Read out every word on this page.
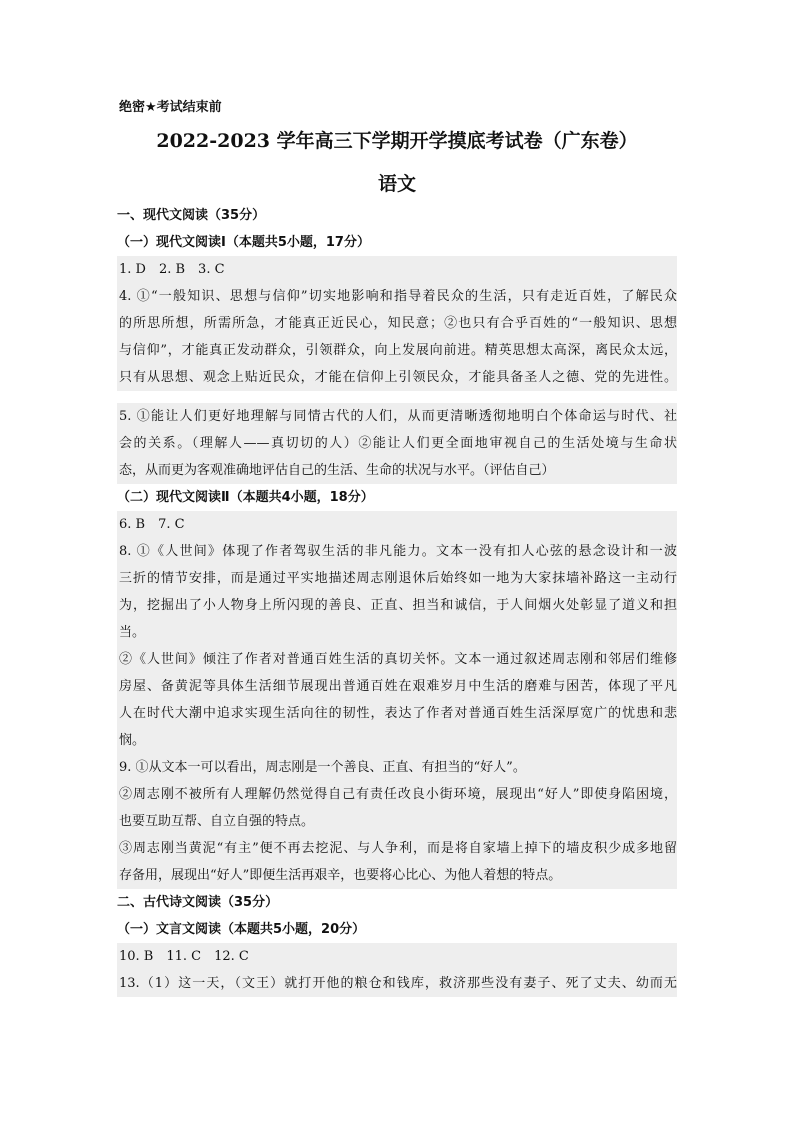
绝密★考试结束前
2022-2023 学年高三下学期开学摸底考试卷（广东卷）
语文
一、现代文阅读（35分）
（一）现代文阅读Ⅰ（本题共5小题，17分）
1. D　2. B　3. C
4. ①“一般知识、思想与信仰”切实地影响和指导着民众的生活，只有走近百姓，了解民众
的所思所想，所需所急，才能真正近民心，知民意；②也只有合乎百姓的“一般知识、思想
与信仰”，才能真正发动群众，引领群众，向上发展向前进。精英思想太高深，离民众太远，
只有从思想、观念上贴近民众，才能在信仰上引领民众，才能具备圣人之德、党的先进性。
5. ①能让人们更好地理解与同情古代的人们，从而更清晰透彻地明白个体命运与时代、社
会的关系。（理解人——真切切的人）②能让人们更全面地审视自己的生活处境与生命状
态，从而更为客观准确地评估自己的生活、生命的状况与水平。（评估自己）
（二）现代文阅读Ⅱ（本题共4小题，18分）
6. B　7. C
8. ①《人世间》体现了作者驾驭生活的非凡能力。文本一没有扣人心弦的悬念设计和一波
三折的情节安排，而是通过平实地描述周志刚退休后始终如一地为大家抹墙补路这一主动行
为，挖掘出了小人物身上所闪现的善良、正直、担当和诚信，于人间烟火处彰显了道义和担
当。
②《人世间》倾注了作者对普通百姓生活的真切关怀。文本一通过叙述周志刚和邻居们维修
房屋、备黄泥等具体生活细节展现出普通百姓在艰难岁月中生活的磨难与困苦，体现了平凡
人在时代大潮中追求实现生活向往的韧性，表达了作者对普通百姓生活深厚宽广的忧患和悲
悯。
9. ①从文本一可以看出，周志刚是一个善良、正直、有担当的“好人”。
②周志刚不被所有人理解仍然觉得自己有责任改良小街环境，展现出“好人”即使身陷困境，
也要互助互帮、自立自强的特点。
③周志刚当黄泥“有主”便不再去挖泥、与人争利，而是将自家墙上掉下的墙皮积少成多地留
存备用，展现出“好人”即便生活再艰辛，也要将心比心、为他人着想的特点。
二、古代诗文阅读（35分）
（一）文言文阅读（本题共5小题，20分）
10. B　11. C　12. C
13.（1）这一天，（文王）就打开他的粮仓和钱库，救济那些没有妻子、死了丈夫、幼而无
